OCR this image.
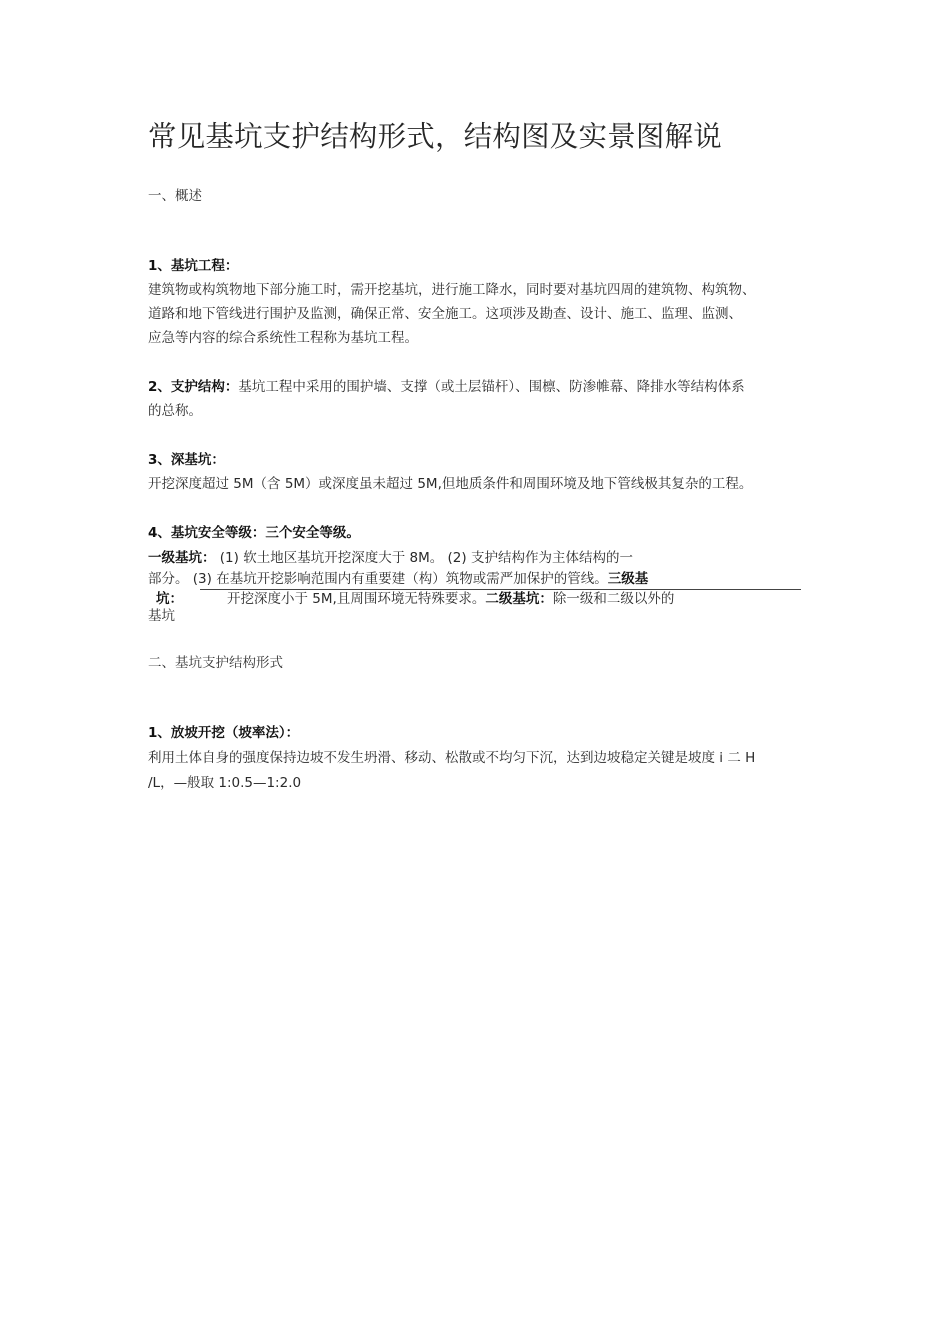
常见基坑支护结构形式，结构图及实景图解说
一、概述
1、基坑工程：
建筑物或构筑物地下部分施工时，需开挖基坑，进行施工降水，同时要对基坑四周的建筑物、构筑物、
道路和地下管线进行围护及监测，确保正常、安全施工。这项涉及勘查、设计、施工、监理、监测、
应急等内容的综合系统性工程称为基坑工程。
2、支护结构：基坑工程中采用的围护墙、支撑（或土层锚杆）、围檩、防渗帷幕、降排水等结构体系
的总称。
3、深基坑：
开挖深度超过 5M（含 5M）或深度虽未超过 5M,但地质条件和周围环境及地下管线极其复杂的工程。
4、基坑安全等级：三个安全等级。
一级基坑： (1) 软土地区基坑开挖深度大于 8M。 (2) 支护结构作为主体结构的一
部分。 (3) 在基坑开挖影响范围内有重要建（构）筑物或需严加保护的管线。三级基
坑：	开挖深度小于 5M,且周围环境无特殊要求。二级基坑：除一级和二级以外的
基坑
二、基坑支护结构形式
1、放坡开挖（坡率法）：
利用土体自身的强度保持边坡不发生坍滑、移动、松散或不均匀下沉，达到边坡稳定关键是坡度 i 二 H
/L，—般取 1:0.5—1:2.0
